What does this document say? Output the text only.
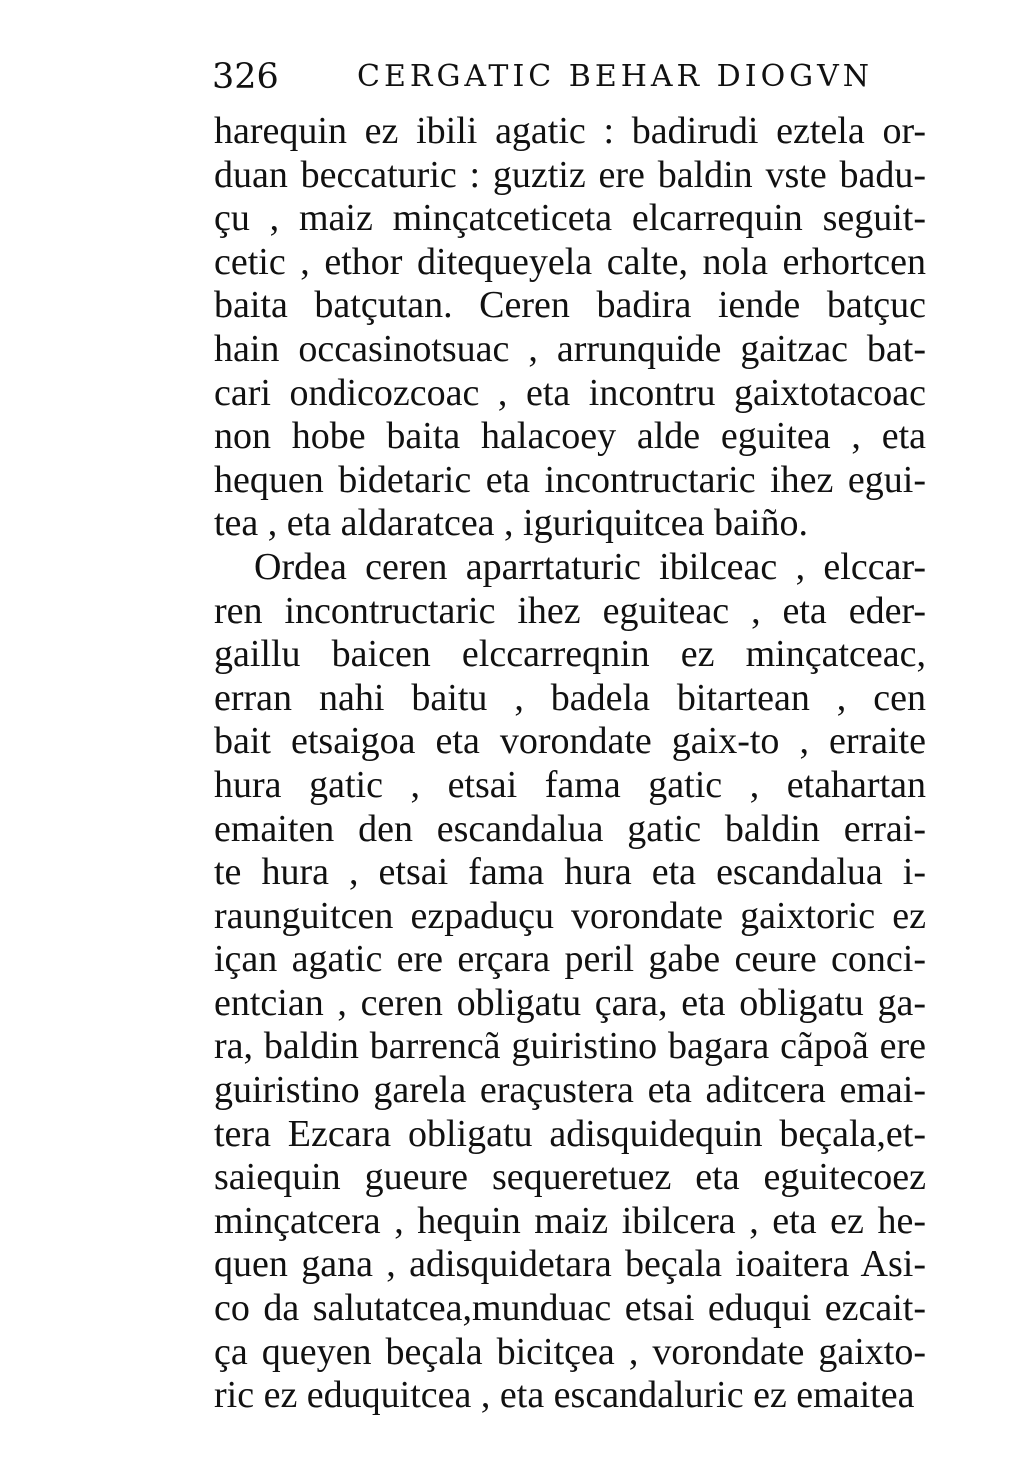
326	CERGATIC BEHAR DIOGVN
harequin ez ibili agatic : badirudi eztela or-
duan beccaturic : guztiz ere baldin vste badu-
çu , maiz minçatceticeta elcarrequin seguit-
cetic , ethor ditequeyela calte, nola erhortcen
baita batçutan. Ceren badira iende batçuc
hain occasinotsuac , arrunquide gaitzac bat-
cari ondicozcoac , eta incontru gaixtotacoac
non hobe baita halacoey alde eguitea , eta
hequen bidetaric eta incontructaric ihez egui-
tea , eta aldaratcea , iguriquitcea baiño.
Ordea ceren aparrtaturic ibilceac , elccar-
ren incontructaric ihez eguiteac , eta eder-
gaillu baicen elccarreqnin ez minçatceac,
erran nahi baitu , badela bitartean , cen
bait etsaigoa eta vorondate gaix-to , erraite
hura gatic , etsai fama gatic , etahartan
emaiten den escandalua gatic baldin errai-
te hura , etsai fama hura eta escandalua i-
raunguitcen ezpaduçu vorondate gaixtoric ez
içan agatic ere erçara peril gabe ceure conci-
entcian , ceren obligatu çara, eta obligatu ga-
ra, baldin barrencã guiristino bagara cãpoã ere
guiristino garela eraçustera eta aditcera emai-
tera Ezcara obligatu adisquidequin beçala,et-
saiequin gueure sequeretuez eta eguitecoez
minçatcera , hequin maiz ibilcera , eta ez he-
quen gana , adisquidetara beçala ioaitera Asi-
co da salutatcea,munduac etsai eduqui ezcait-
ça queyen beçala bicitçea , vorondate gaixto-
ric ez eduquitcea , eta escandaluric ez emaitea
